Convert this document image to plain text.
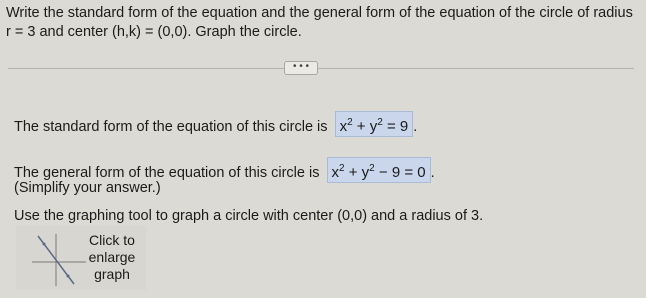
Write the standard form of the equation and the general form of the equation of the circle of radius
r = 3 and center (h,k) = (0,0). Graph the circle.
• • •
The standard form of the equation of this circle is $x^2 + y^2 = 9$ .
The general form of the equation of this circle is $x^2 + y^2 - 9 = 0$ .
(Simplify your answer.)
Use the graphing tool to graph a circle with center (0,0) and a radius of 3.
Click to
enlarge
graph
